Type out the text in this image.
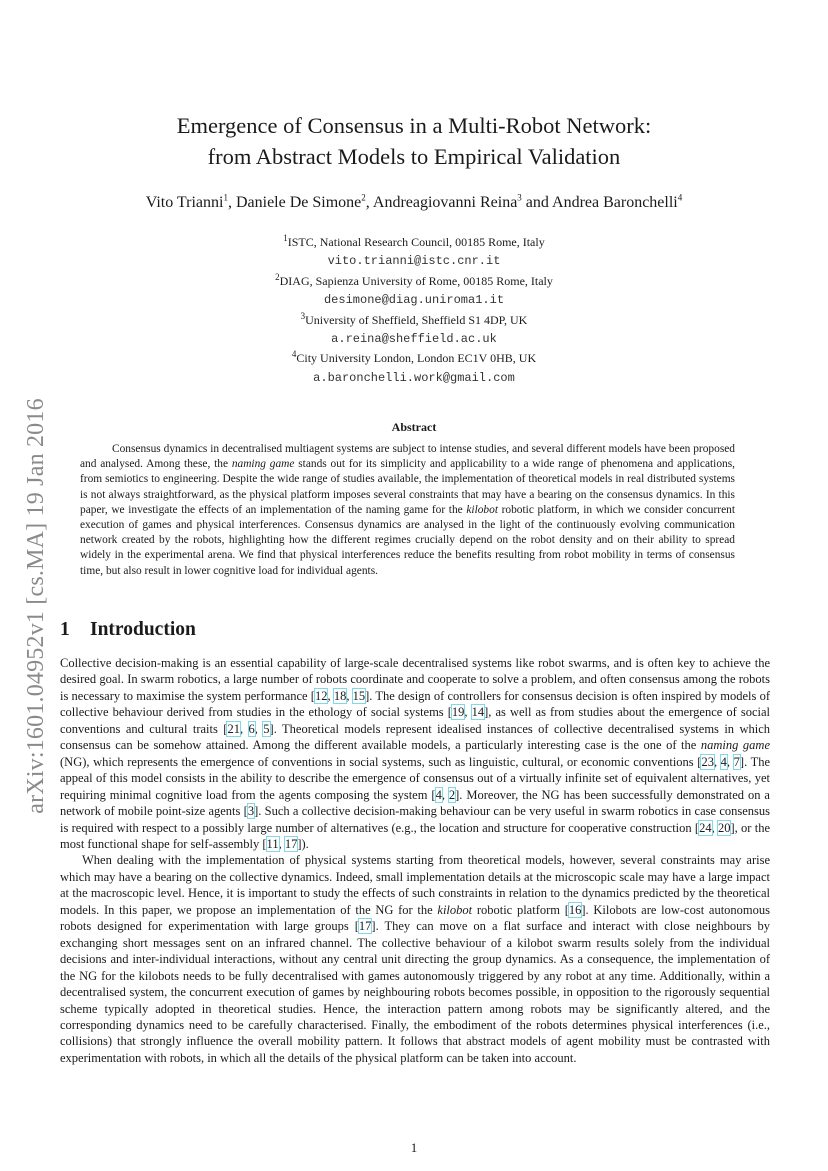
arXiv:1601.04952v1 [cs.MA] 19 Jan 2016
Emergence of Consensus in a Multi-Robot Network:
from Abstract Models to Empirical Validation
Vito Trianni$^1$, Daniele De Simone$^2$, Andreagiovanni Reina$^3$ and Andrea Baronchelli$^4$
$^1$ISTC, National Research Council, 00185 Rome, Italy
vito.trianni@istc.cnr.it
$^2$DIAG, Sapienza University of Rome, 00185 Rome, Italy
desimone@diag.uniroma1.it
$^3$University of Sheffield, Sheffield S1 4DP, UK
a.reina@sheffield.ac.uk
$^4$City University London, London EC1V 0HB, UK
a.baronchelli.work@gmail.com
Abstract
Consensus dynamics in decentralised multiagent systems are subject to intense studies, and several different models have been proposed and analysed. Among these, the naming game stands out for its simplicity and applicability to a wide range of phenomena and applications, from semiotics to engineering. Despite the wide range of studies available, the implementation of theoretical models in real distributed systems is not always straightforward, as the physical platform imposes several constraints that may have a bearing on the consensus dynamics. In this paper, we investigate the effects of an implementation of the naming game for the kilobot robotic platform, in which we consider concurrent execution of games and physical interferences. Consensus dynamics are analysed in the light of the continuously evolving communication network created by the robots, highlighting how the different regimes crucially depend on the robot density and on their ability to spread widely in the experimental arena. We find that physical interferences reduce the benefits resulting from robot mobility in terms of consensus time, but also result in lower cognitive load for individual agents.
1 Introduction

Collective decision-making is an essential capability of large-scale decentralised systems like robot swarms, and is often key to achieve the desired goal. In swarm robotics, a large number of robots coordinate and cooperate to solve a problem, and often consensus among the robots is necessary to maximise the system performance [12, 18, 15]. The design of controllers for consensus decision is often inspired by models of collective behaviour derived from studies in the ethology of social systems [19, 14], as well as from studies about the emergence of social conventions and cultural traits [21, 6, 5]. Theoretical models represent idealised instances of collective decentralised systems in which consensus can be somehow attained. Among the different available models, a particularly interesting case is the one of the naming game (NG), which represents the emergence of conventions in social systems, such as linguistic, cultural, or economic conventions [23, 4, 7]. The appeal of this model consists in the ability to describe the emergence of consensus out of a virtually infinite set of equivalent alternatives, yet requiring minimal cognitive load from the agents composing the system [4, 2]. Moreover, the NG has been successfully demonstrated on a network of mobile point-size agents [3]. Such a collective decision-making behaviour can be very useful in swarm robotics in case consensus is required with respect to a possibly large number of alternatives (e.g., the location and structure for cooperative construction [24, 20], or the most functional shape for self-assembly [11, 17]).

When dealing with the implementation of physical systems starting from theoretical models, however, several constraints may arise which may have a bearing on the collective dynamics. Indeed, small implementation details at the microscopic scale may have a large impact at the macroscopic level. Hence, it is important to study the effects of such constraints in relation to the dynamics predicted by the theoretical models. In this paper, we propose an implementation of the NG for the kilobot robotic platform [16]. Kilobots are low-cost autonomous robots designed for experimentation with large groups [17]. They can move on a flat surface and interact with close neighbours by exchanging short messages sent on an infrared channel. The collective behaviour of a kilobot swarm results solely from the individual decisions and inter-individual interactions, without any central unit directing the group dynamics. As a consequence, the implementation of the NG for the kilobots needs to be fully decentralised with games autonomously triggered by any robot at any time. Additionally, within a decentralised system, the concurrent execution of games by neighbouring robots becomes possible, in opposition to the rigorously sequential scheme typically adopted in theoretical studies. Hence, the interaction pattern among robots may be significantly altered, and the corresponding dynamics need to be carefully characterised. Finally, the embodiment of the robots determines physical interferences (i.e., collisions) that strongly influence the overall mobility pattern. It follows that abstract models of agent mobility must be contrasted with experimentation with robots, in which all the details of the physical platform can be taken into account.

1
